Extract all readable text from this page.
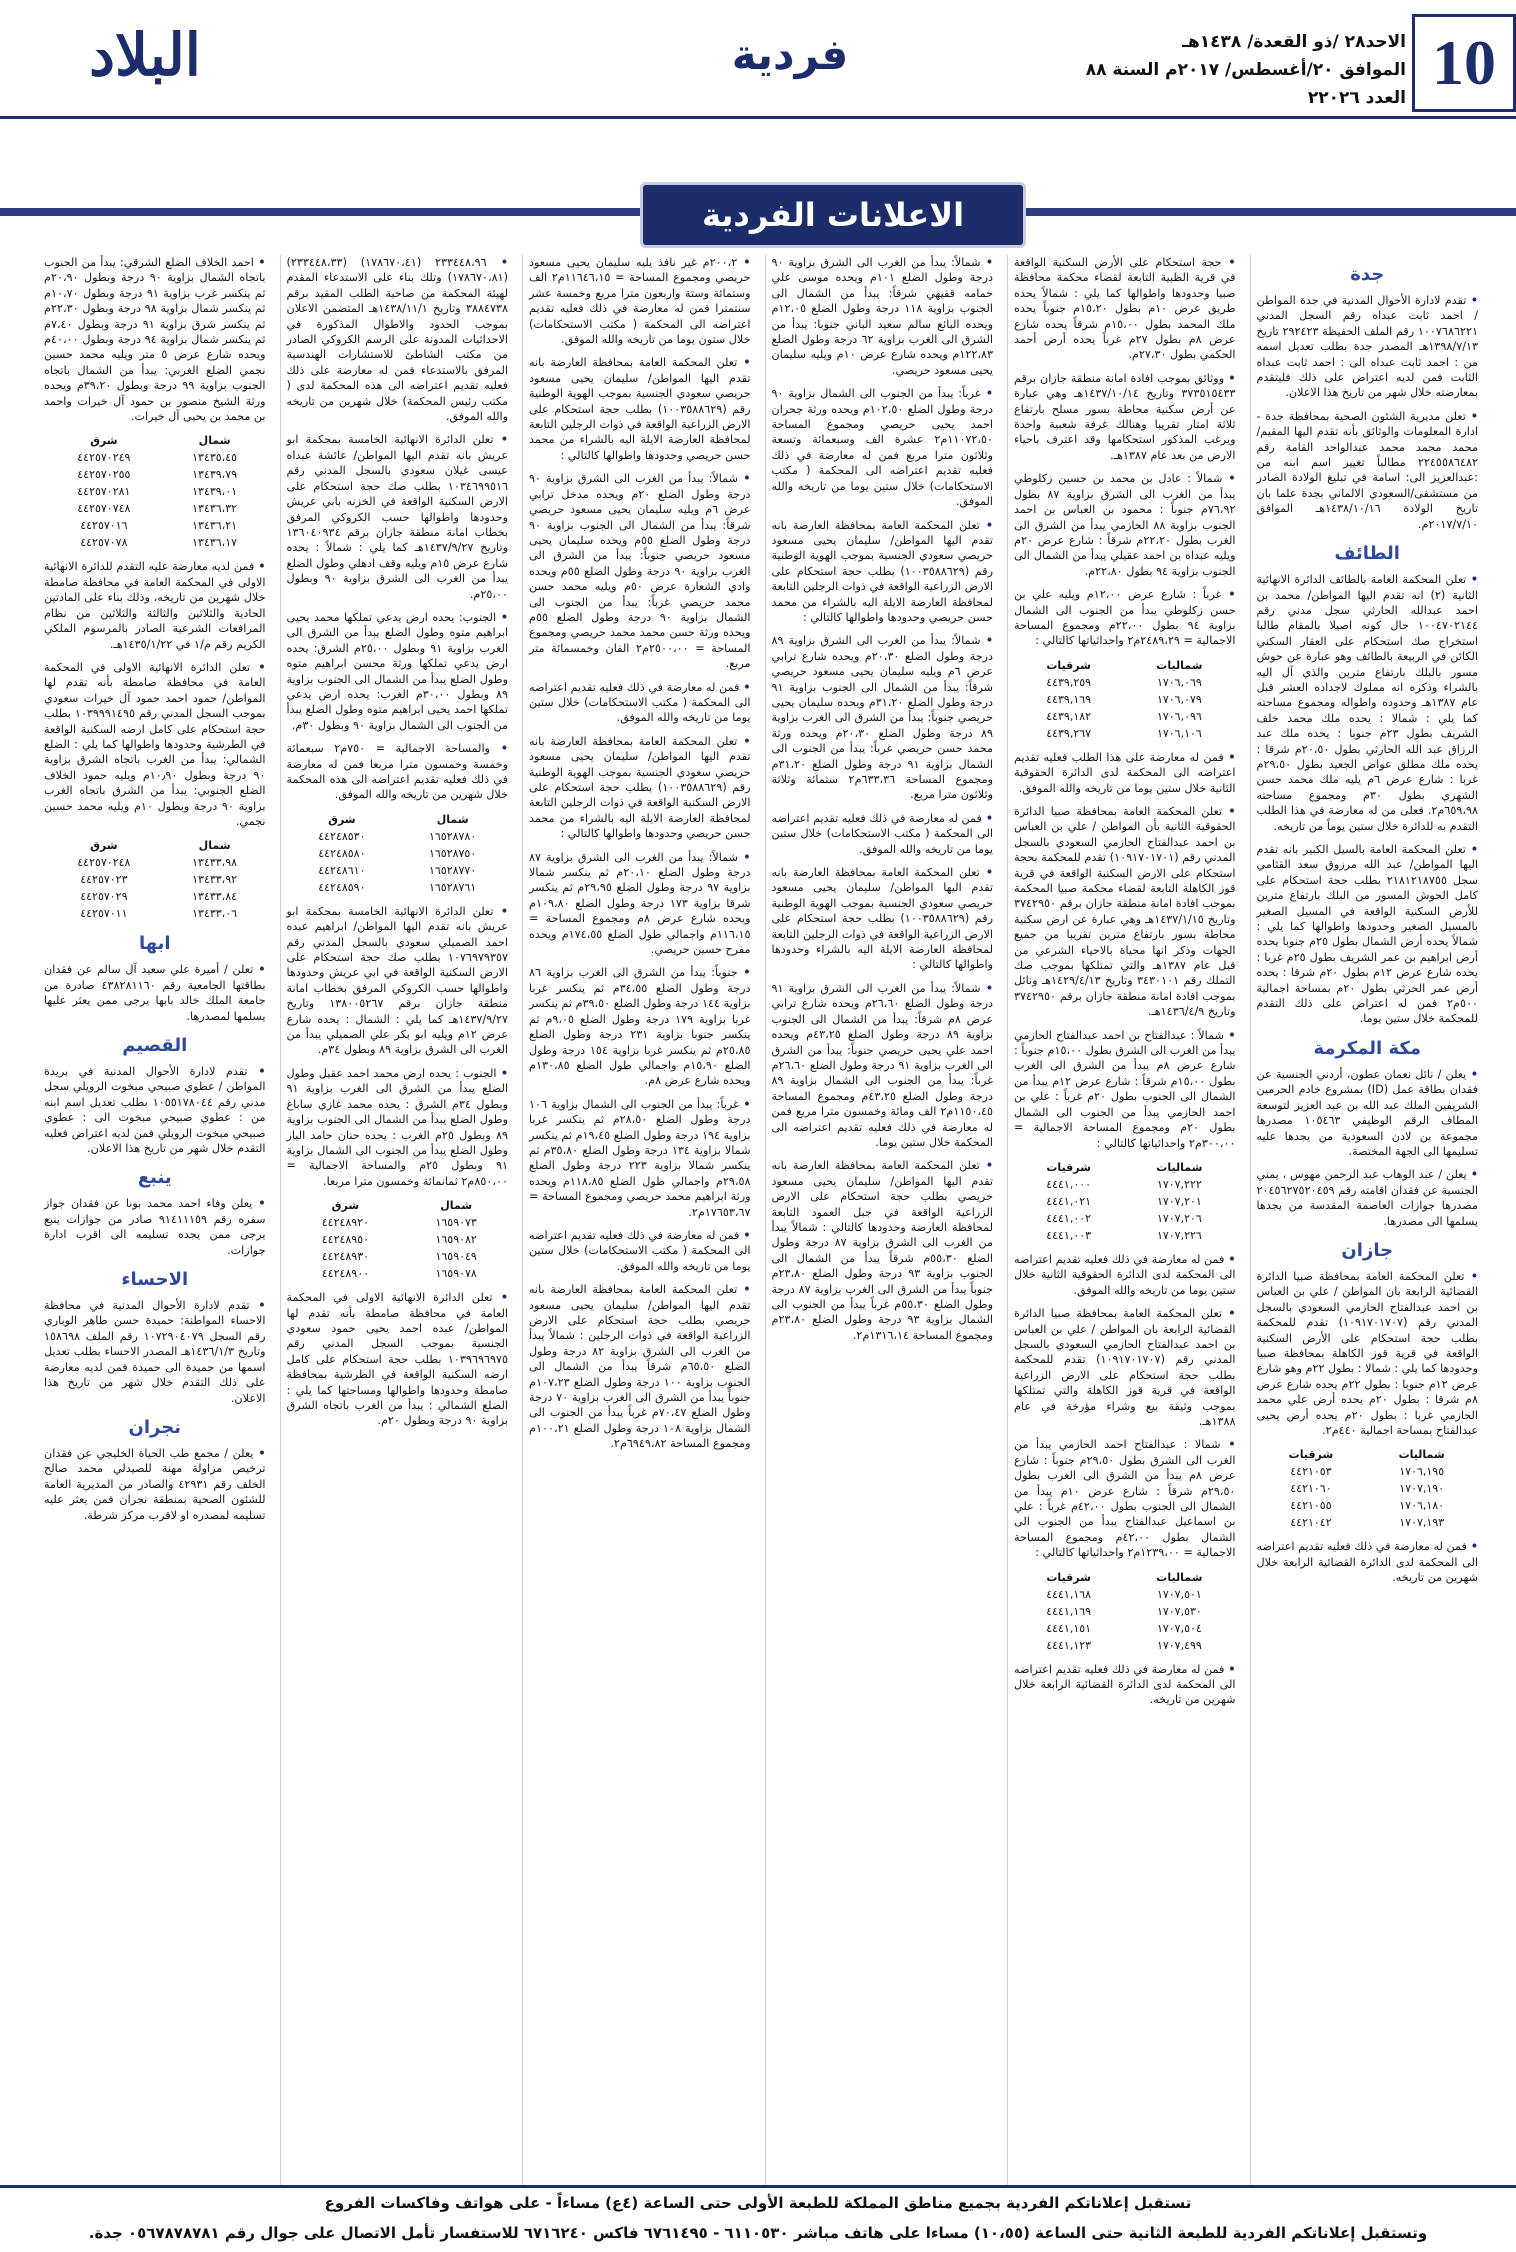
10
الاحد٢٨ /ذو القعدة/ ١٤٣٨هـ
الموافق ٢٠/أغسطس/ ٢٠١٧م السنة ٨٨ العدد ٢٢٠٢٦
فردية
البلاد
الاعلانات الفردية
جدة

• تقدم لادارة الأحوال المدنية في جدة المواطن / احمد ثابت عبداه رقم السجل المدني ١٠٠٧٦٨٦٢٢١ رقم الملف الحفيظة ٢٩٢٤٢٣ تاريخ ١٣٩٨/٧/١٣هـ المصدر جدة بطلب تعديل اسمه من : احمد ثابت عبداه الى : احمد ثابت عبداه الثابت فمن لديه اعتراض على ذلك فليتقدم بمعارضته خلال شهر من تاريخ هذا الاعلان.

• تعلن مديرية الشئون الصحية بمحافظة جدة - ادارة المعلومات والوثائق بأنه تقدم اليها المقيم/ محمد محمد محمد عبدالواحد القامة رقم ٢٢٤٥٥٨٦٤٨٢ مطالباً تغيير اسم ابنه من :عبدالعزيز الى: اسامة في تبليغ الولادة الصادر من مستشفى/السعودي الالماني بجدة علما بان تاريخ الولادة ١٤٣٨/١٠/١٦هـ الموافق ٢٠١٧/٧/١٠م.

الطائف

• تعلن المحكمة العامة بالطائف الدائرة الانهائية الثانية (٢) انه تقدم اليها المواطن/ محمد بن احمد عبدالله الحارثي سجل مدني رقم ١٠٠٤٧٠٢١٤٤ حال كونه اصيلا بالمقام طالبا استخراج صك استحكام على العقار السكني الكائن في الربيعة بالطائف وهو عبارة عن حوش مسور بالبلك بارتفاع مترين والذي آل اليه بالشراء وذكره انه مملوك لاجداده العشر قبل عام ١٣٨٧هـ وحدوده واطواله ومجموع مساحته كما يلي : شمالا : يحده ملك محمد خلف الشريف بطول ٢٣م جنوبا : يحده ملك عبد الرزاق عبد الله الحارثي بطول ٢٠،٥٠م شرقا : يحده ملك مطلق عواض الجعيد بطول ٢٩،٥٠م غربا : شارع عرض ٦م يليه ملك محمد حسن الشهري بطول ٣٠م ومجموع مساحته ٦٥٩،٩٨م٢. فعلى من له معارضة في هذا الطلب التقدم به للدائرة خلال ستين يوماً من تاريخه.

• تعلن المحكمة العامة بالسيل الكبير بانه تقدم اليها المواطن/ عبد الله مرزوق سعد القثامي سجل ٢١٨١٢١٨٧٥٥ بطلب حجة استحكام على كامل الحوش المسور من البلك بارتفاع مترين للأرض السكنية الواقعة في المسيل الصغير بالمسيل الصغير وحدودها واطوالها كما يلي : شمالاً يحده أرض الشمال بطول ٢٥م جنوبا يحده أرض ابراهيم بن عمر الشريف بطول ٢٥م غربا : يحده شارع عرض ١٢م بطول ٢٠م شرقا : يحده أرض عمر الحرثي بطول ٢٠م بمساحة اجمالية ٥٠٠م٢ فمن له اعتراض على ذلك التقدم للمحكمة خلال ستين يوما.

مكة المكرمة

• يعلن / نائل نعمان عطون، أردني الجنسية عن فقدان بطاقة عمل (ID) بمشروع خادم الحرمين الشريفين الملك عبد الله بن عبد العزيز لتوسعة المطاف الرقم الوظيفي ١٠٥٤٦٣ مصدرها مجموعة بن لادن السعودية من يجدها عليه تسليمها الى الجهة المختصة.

• يعلن / عبد الوهاب عبد الرحمن مهوس ، يمني الجنسية عن فقدان اقامته رقم ٢٠٤٥٦٢٧٥٢٠٤٥٩ مصدرها جوازات العاصمة المقدسة من يجدها يسلمها الى مصدرها.

جازان

• تعلن المحكمة العامة بمحافظة صبيا الدائرة القضائية الرابعة بان المواطن / علي بن العباس بن احمد عبدالفتاح الحازمي السعودي بالسجل المدني رقم (١٠٩١٧٠١٧٠٧) تقدم للمحكمة بطلب حجة استحكام على الأرض السكنية الواقعة في قرية قوز الكاهلة بمحافظة صبيا وحدودها كما يلي : شمالا : بطول ٢٢م وهو شارع عرض ١٢م جنوبا : بطول ٢٢م يحده شارع عرض ٨م شرقا : بطول ٢٠م يحده أرض علي محمد الحازمي غربا : بطول ٢٠م يحده أرض يحيى عبدالفتاح بمساحة اجمالية ٤٤٠م٢.

شرقيات	شماليات
٤٤٢١٠٥٣	١٧٠٦,١٩٥
٤٤٢١٠٦٠	١٧٠٧,١٩٠
٤٤٢١٠٥٥	١٧٠٦,١٨٠
٤٤٢١٠٤٢	١٧٠٧,١٩٣

• فمن له معارضة في ذلك فعليه تقديم اعتراضه الى المحكمة لدى الدائرة القضائية الرابعة خلال شهرين من تاريخه.

• حجة استحكام على الأرض السكنية الواقعة في قرية الظبية التابعة لقضاء محكمة محافظة صبيا وحدودها واطوالها كما يلي : شمالاً يحده طريق عرض ١٠م بطول ١٥،٢٠م جنوباً يحده ملك المحمد بطول ١٥،٠٠م شرقاً يحده شارع عرض ٨م بطول ٢٧م غرباً يحده أرض أحمد الحكمي بطول ٢٧،٣٠م.

• ووثائق بموجب افادة امانة منطقة جازان برقم ٣٧٣٥١٥٤٣٣ وتاريخ ١٤٣٧/١٠/١٤هـ وهي عبارة عن أرض سكنية محاطة بسور مسلح بارتفاع ثلاثة امتار تقريبا وهنالك غرفة شعبية واحدة ويرغب المذكور استحكامها وقد اعترف باحياء الارض من بعد عام ١٣٨٧هـ.

• شمالاً : عادل بن محمد بن حسين زكلوطي يبدأ من الغرب الى الشرق بزاوية ٨٧ بطول ٧٦،٩٢م جنوباً : محمود بن العباس بن احمد الجنوب بزاوية ٨٨ الحازمي يبدأ من الشرق الى الغرب بطول ٢٢،٢٠م شرقاً : شارع عرض ٢٠م ويليه عبداه بن احمد عقيلي يبدأ من الشمال الى الجنوب بزاوية ٩٤ بطول ٢٢،٨٠م.

• غرباً : شارع عرض ١٢،٠٠م ويليه علي بن حسن زكلوطي يبدأ من الجنوب الى الشمال بزاوية ٩٤ بطول ٢٢،٠٠م ومجموع المساحة الاجمالية = ٢٤٨٩،٢٩م٢ واحداثياتها كالتالي :

شرقيات	شماليات
٤٤٣٩,٢٥٩	١٧٠٦,٠٦٩
٤٤٣٩,١٦٩	١٧٠٦,٠٧٩
٤٤٣٩,١٨٢	١٧٠٦,٠٩٦
٤٤٣٩,٢٦٧	١٧٠٦,١٠٦

• فمن له معارضة على هذا الطلب فعليه تقديم اعتراضه الى المحكمة لدى الدائرة الحقوقية الثانية خلال ستين يوما من تاريخه والله الموفق.

• تعلن المحكمة العامة بمحافظة صبيا الدائرة الحقوقية الثانية بأن المواطن / علي بن العباس بن احمد عبدالفتاح الحازمي السعودي بالسجل المدني رقم (١٠٩١٧٠١٧٠١) تقدم للمحكمة بحجة استحكام على الارض السكنية الواقعة في قرية قوز الكاهلة التابعة لقضاء محكمة صبيا المحكمة بموجب افادة امانة منطقة جازان برقم ٣٧٤٢٩٥٠ وتاريخ ١٤٣٧/١/١٥هـ وهي عبارة عن ارض سكنية محاطة بسور بارتفاع مترين تقريبا من جميع الجهات وذكر انها محياة بالاحياء الشرعي من قبل عام ١٣٨٧هـ والتي تمتلكها بموجب صك التملك رقم ٣٤٣٠١٠١ وتاريخ ١٤٢٩/٤/١٣هـ ونائل بموجب افادة امانة منطقة جازان برقم ٣٧٤٢٩٥٠ وتاريخ ١٤٣٦/٤/٩هـ.

• شمالاً : عبدالفتاح بن احمد عبدالفتاح الحازمي يبدأ من الغرب الى الشرق بطول ١٥،٠٠م جنوباً : شارع عرض ٨م يبدأ من الشرق الى الغرب بطول ١٥،٠٠م شرقاً : شارع عرض ١٢م يبدأ من الشمال الى الجنوب بطول ٢٠م غرباً : علي بن احمد الحازمي يبدأ من الجنوب الى الشمال بطول ٢٠م ومجموع المساحة الاجمالية = ٣٠٠،٠٠م٢ واحداثياتها كالتالي :

شرقيات	شماليات
٤٤٤١,٠٠٠	١٧٠٧,٢٢٢
٤٤٤١,٠٢١	١٧٠٧,٢٠١
٤٤٤١,٠٠٢	١٧٠٧,٢٠٦
٤٤٤١,٠٠٣	١٧٠٧,٢٢٦

• فمن له معارضة في ذلك فعليه تقديم اعتراضه الى المحكمة لدى الدائرة الحقوقية الثانية خلال ستين يوما من تاريخه والله الموفق.

• تعلن المحكمة العامة بمحافظة صبيا الدائرة القضائية الرابعة بان المواطن / علي بن العباس بن احمد عبدالفتاح الحازمي السعودي بالسجل المدني رقم (١٠٩١٧٠١٧٠٧) تقدم للمحكمة بطلب حجة استحكام على الارض الزراعية الواقعة في قرية قوز الكاهلة والتي تمتلكها بموجب وثيقة بيع وشراء مؤرخة في عام ١٣٨٨هـ.

• شمالا : عبدالفتاح احمد الحازمي يبدأ من الغرب الى الشرق بطول ٢٩،٥٠م جنوباً : شارع عرض ٨م يبدأ من الشرق الى الغرب بطول ٢٩،٥٠م شرقاً : شارع عرض ١٠م يبدأ من الشمال الى الجنوب بطول ٤٢،٠٠م غرباً : علي بن اسماعيل عبدالفتاح يبدأ من الجنوب الى الشمال بطول ٤٢،٠٠م ومجموع المساحة الاجمالية = ١٢٣٩،٠٠م٢ واحداثياتها كالتالي :

شرقيات	شماليات
٤٤٤١,١٦٨	١٧٠٧,٥٠١
٤٤٤١,١٦٩	١٧٠٧,٥٣٠
٤٤٤١,١٥١	١٧٠٧,٥٠٤
٤٤٤١,١٢٣	١٧٠٧,٤٩٩

• فمن له معارضة في ذلك فعليه تقديم اعتراضه الى المحكمة لدى الدائرة القضائية الرابعة خلال شهرين من تاريخه.

• شمالاً: يبدأ من الغرب الى الشرق بزاوية ٩٠ درجة وطول الضلع ١٠١م ويحده موسى علي حمامه قفيهي شرقاً: يبدأ من الشمال الى الجنوب بزاوية ١١٨ درجة وطول الضلع ١٢،٠٥م ويحده البائع سالم سعيد الباني جنوبا: يبدأ من الشرق الى الغرب بزاوية ٦٢ درجة وطول الضلع ١٢٢،٨٣م ويحده شارع عرض ١٠م ويليه سليمان يحيى مسعود حريصي.

• غرباً: يبدأ من الجنوب الى الشمال بزاوية ٩٠ درجة وطول الضلع ١٠٢،٥٠م ويحده ورثة جحران احمد يحيى حريصي ومجموع المساحة ١١٠٧٢،٥٠م٢ عشرة الف وسبعمائة وتسعة وثلاثون مترا مربع فمن له معارضة في ذلك فعليه تقديم اعتراضه الى المحكمة ( مكتب الاستحكامات) خلال ستين يوما من تاريخه والله الموفق.

• تعلن المحكمة العامة بمحافظة العارضة بانه تقدم اليها المواطن/ سليمان يحيى مسعود حريصي سعودي الجنسية بموجب الهوية الوطنية رقم (١٠٠٣٥٨٨٦٢٩) بطلب حجة استحكام على الارض الزراعية الواقعة في ذوات الرجلين التابعة لمحافظة العارضة الايلة اليه بالشراء من محمد حسن حريصي وحدودها واطوالها كالتالي :

• شمالاً: يبدأ من الغرب الى الشرق بزاوية ٨٩ درجة وطول الضلع ٢٠،٣٠م ويحده شارع ترابي عرض ٦م ويليه سليمان يحيى مسعود حريصي شرقاً: يبدأ من الشمال الى الجنوب بزاوية ٩١ درجة وطول الضلع ٣١،٢٠م ويحده سليمان يحيى حريصي جنوباً: يبدأ من الشرق الى الغرب بزاوية ٨٩ درجة وطول الضلع ٢٠،٣٠م ويحده ورثة محمد حسن حريصي غرباً: يبدأ من الجنوب الى الشمال بزاوية ٩١ درجة وطول الضلع ٣١،٢٠م ومجموع المساحة ٦٣٣،٣٦م٢ ستمائة وثلاثة وثلاثون مترا مربع.

• فمن له معارضة في ذلك فعليه تقديم اعتراضه الى المحكمة ( مكتب الاستحكامات) خلال ستين يوما من تاريخه والله الموفق.

• تعلن المحكمة العامة بمحافظة العارضة بانه تقدم اليها المواطن/ سليمان يحيى مسعود حريصي سعودي الجنسية بموجب الهوية الوطنية رقم (١٠٠٣٥٨٨٦٢٩) بطلب حجة استحكام على الارض الزراعية الواقعة في ذوات الرجلين التابعة لمحافظة العارضة الايلة اليه بالشراء وحدودها واطوالها كالتالي :

• شمالاً: يبدأ من الغرب الى الشرق بزاوية ٩١ درجة وطول الضلع ٢٦،٦٠م ويحده شارع ترابي عرض ٨م شرقاً: يبدأ من الشمال الى الجنوب بزاوية ٨٩ درجة وطول الضلع ٤٣،٢٥م ويحده احمد علي يحيى حريصي جنوباً: يبدأ من الشرق الى الغرب بزاوية ٩١ درجة وطول الضلع ٢٦،٦٠م غرباً: يبدأ من الجنوب الى الشمال بزاوية ٨٩ درجة وطول الضلع ٤٣،٢٥م ومجموع المساحة ١١٥٠،٤٥م٢ الف ومائة وخمسون مترا مربع فمن له معارضة في ذلك فعليه تقديم اعتراضه الى المحكمة خلال ستين يوما.

• تعلن المحكمة العامة بمحافظة العارضة بانه تقدم اليها المواطن/ سليمان يحيى مسعود حريصي بطلب حجة استحكام على الارض الزراعية الواقعة في جبل العمود التابعة لمحافظة العارضة وحدودها كالتالي : شمالاً يبدأ من الغرب الى الشرق بزاوية ٨٧ درجة وطول الضلع ٥٥،٣٠م شرقاً يبدأ من الشمال الى الجنوب بزاوية ٩٣ درجة وطول الضلع ٢٣،٨٠م جنوباً يبدأ من الشرق الى الغرب بزاوية ٨٧ درجة وطول الضلع ٥٥،٣٠م غرباً يبدأ من الجنوب الى الشمال بزاوية ٩٣ درجة وطول الضلع ٢٣،٨٠م ومجموع المساحة ١٣١٦،١٤م٢.

• ٢٠٠،٢م غير نافذ يليه سليمان يحيى مسعود حريصي ومجموع المساحة = ١١٦٤٦،١٥م٢ الف وستمائة وستة واربعون مترا مربع وخمسة عشر سنتمترا فمن له معارضة في ذلك فعليه تقديم اعتراضه الى المحكمة ( مكتب الاستحكامات) خلال ستون يوما من تاريخه والله الموفق.

• تعلن المحكمة العامة بمحافظة العارضة بانه تقدم اليها المواطن/ سليمان يحيى مسعود حريصي سعودي الجنسية بموجب الهوية الوطنية رقم (١٠٠٣٥٨٨٦٢٩) بطلب حجة استحكام على الارض الزراعية الواقعة في ذوات الرجلين التابعة لمحافظة العارضة الايلة اليه بالشراء من محمد حسن حريصي وحدودها واطوالها كالتالي :

• شمالاً: يبدأ من الغرب الى الشرق بزاوية ٩٠ درجة وطول الضلع ٢٠م ويحده مدخل ترابي عرض ٦م ويليه سليمان يحيى مسعود حريصي شرقاً: يبدأ من الشمال الى الجنوب بزاوية ٩٠ درجة وطول الضلع ٥٥م ويحده سليمان يحيى مسعود حريصي جنوباً: يبدأ من الشرق الى الغرب بزاوية ٩٠ درجة وطول الضلع ٥٥م ويحده وادي الشعارة عرض ٥٠م ويليه محمد حسن محمد حريصي غرباً: يبدأ من الجنوب الى الشمال بزاوية ٩٠ درجة وطول الضلع ٥٥م ويحده ورثة حسن محمد محمد حريصي ومجموع المساحة = ٢٥٠٠،٠٠م٢ الفان وخمسمائة متر مربع.

• فمن له معارضة في ذلك فعليه تقديم اعتراضه الى المحكمة ( مكتب الاستحكامات) خلال ستين يوما من تاريخه والله الموفق.

• تعلن المحكمة العامة بمحافظة العارضة بانه تقدم اليها المواطن/ سليمان يحيى مسعود حريصي سعودي الجنسية بموجب الهوية الوطنية رقم (١٠٠٣٥٨٨٦٢٩) بطلب حجة استحكام على الارض السكنية الواقعة في ذوات الرجلين التابعة لمحافظة العارضة الايلة اليه بالشراء من محمد حسن حريصي وحدودها واطوالها كالتالي :

• شمالاً: يبدأ من الغرب الى الشرق بزاوية ٨٧ درجة وطول الضلع ٢٠،١٠م ثم ينكسر شمالا بزاوية ٩٧ درجة وطول الضلع ٢٩،٩٥م ثم ينكسر شرقا بزاوية ١٧٣ درجة وطول الضلع ١٠٩،٨٠م ويحده شارع عرض ٨م ومجموع المساحة = ١١٦،١٥م واجمالي طول الضلع ١٧٤،٥٥م ويحده مفرح حسين حريصي.

• جنوباً: يبدأ من الشرق الى الغرب بزاوية ٨٦ درجة وطول الضلع ٣٤،٥٥م ثم ينكسر غربا بزاوية ١٤٤ درجة وطول الضلع ٣٩،٥٠م ثم ينكسر غربا بزاوية ١٧٩ درجة وطول الضلع ٩،٠٥م ثم ينكسر جنوبا بزاوية ٢٣١ درجة وطول الضلع ٢٥،٨٥م ثم ينكسر غربا بزاوية ١٥٤ درجة وطول الضلع ١٥،٩٠م واجمالي طول الضلع ١٣٠،٨٥م ويحده شارع عرض ٨م.

• غرباً: يبدأ من الجنوب الى الشمال بزاوية ١٠٦ درجة وطول الضلع ٢٨،٥٠م ثم ينكسر غربا بزاوية ١٩٤ درجة وطول الضلع ١٩،٤٥م ثم ينكسر شمالا بزاوية ١٣٤ درجة وطول الضلع ٣٥،٨٠م ثم ينكسر شمالا بزاوية ٢٢٣ درجة وطول الضلع ٢٩،٥٨م واجمالي طول الضلع ١١٨،٨٥م ويحده ورثة ابراهيم محمد حريصي ومجموع المساحة = ١٧٦٥٣،٦٧م٢.

• فمن له معارضة في ذلك فعليه تقديم اعتراضه الى المحكمة ( مكتب الاستحكامات) خلال ستين يوما من تاريخه والله الموفق.

• تعلن المحكمة العامة بمحافظة العارضة بانه تقدم اليها المواطن/ سليمان يحيى مسعود حريصي بطلب حجة استحكام على الارض الزراعية الواقعة في ذوات الرجلين : شمالاً يبدأ من الغرب الى الشرق بزاوية ٨٢ درجة وطول الضلع ٦٥،٥٠م شرقاً يبدأ من الشمال الى الجنوب بزاوية ١٠٠ درجة وطول الضلع ١٠٧،٢٣م جنوباً يبدأ من الشرق الى الغرب بزاوية ٧٠ درجة وطول الضلع ٧٠،٤٧م غرباً يبدأ من الجنوب الى الشمال بزاوية ١٠٨ درجة وطول الضلع ١٠٠،٢١م ومجموع المساحة ٦٩٤٩،٨٢م٢.

• ٢٣٣٤٤٨،٩٦ (١٧٨٦٧٠،٤١) (٢٣٣٤٤٨،٣٣) (١٧٨٦٧٠،٨١) وتلك بناء على الاستدعاء المقدم لهيئة المحكمة من صاحبة الطلب المقيد برقم ٣٨٨٤٧٣٨ وتاريخ ١٤٣٨/١١/١هـ المتضمن الاعلان بموجب الحدود والاطوال المذكورة في الاحداثيات المدونة على الرسم الكروكي الصادر من مكتب الشاطئ للاستشارات الهندسية المرفق بالاستدعاء فمن له معارضة على ذلك فعليه تقديم اعتراضه الى هذه المحكمة لدى ( مكتب رئيس المحكمة) خلال شهرين من تاريخه والله الموفق.

• تعلن الدائرة الانهائية الخامسة بمحكمة ابو عريش بانه تقدم اليها المواطن/ عائشة عبداه عيسى غيلان سعودي بالسجل المدني رقم ١٠٣٤٦٩٩٥١٦ بطلب صك حجة استحكام على الارض السكنية الواقعة في الخزنه بابي عريش وحدودها واطوالها حسب الكروكي المرفق بخطاب امانة منطقة جازان برقم ١٣٦٠٤٠٩٣٤ وتاريخ ١٤٣٧/٩/٢٧هـ كما يلي : شمالاً : يحده شارع عرض ١٥م ويليه وقف ادهلي وطول الضلع يبدأ من الغرب الى الشرق بزاوية ٩٠ وبطول ٢٥،٠٠م.

• الجنوب: يحده ارض يدعي تملكها محمد يحيى ابراهيم متوه وطول الضلع يبدأ من الشرق الى الغرب بزاوية ٩١ وبطول ٢٥،٠٠م الشرق: يحده ارض يدعي تملكها ورثة محسن ابراهيم متوه وطول الضلع يبدأ من الشمال الى الجنوب بزاوية ٨٩ وبطول ٣٠،٠٠م الغرب: يحده ارض يدعي تملكها احمد يحيى ابراهيم متوه وطول الضلع يبدأ من الجنوب الى الشمال بزاوية ٩٠ وبطول ٣٠م.

• والمساحة الاجمالية = ٧٥٠م٢ سبعمائة وخمسة وخمسون مترا مربعا فمن له معارضة في ذلك فعليه تقديم اعتراضه الى هذه المحكمة خلال شهرين من تاريخه والله الموفق.

شرق	شمال
٤٤٢٤٨٥٣٠	١٦٥٢٨٧٨٠
٤٤٢٤٨٥٨٠	١٦٥٢٨٧٥٠
٤٤٢٤٨٦١٠	١٦٥٢٨٧٧٠
٤٤٢٤٨٥٩٠	١٦٥٢٨٧٦١

• تعلن الدائرة الانهائية الخامسة بمحكمة ابو عريش بانه تقدم اليها المواطن/ ابراهيم عبده احمد الصميلي سعودي بالسجل المدني رقم ١٠٧٦٩٧٩٣٥٧ بطلب صك حجة استحكام على الارض السكنية الواقعة في ابي عريش وحدودها واطوالها حسب الكروكي المرفق بخطاب امانة منطقة جازان برقم ١٣٨٠٠٥٢٦٧ وتاريخ ١٤٣٧/٩/٢٧هـ كما يلي : الشمال : يحده شارع عرض ١٢م ويليه ابو بكر علي الصميلي يبدأ من الغرب الى الشرق بزاوية ٨٩ وبطول ٣٤م.

• الجنوب : يحده ارض محمد احمد عقيل وطول الضلع يبدأ من الشرق الى الغرب بزاوية ٩١ وبطول ٣٤م الشرق : يحده محمد غازي ساباغ وطول الضلع يبدأ من الشمال الى الجنوب بزاوية ٨٩ وبطول ٢٥م الغرب : يحده حنان حامد البار وطول الضلع يبدأ من الجنوب الى الشمال بزاوية ٩١ وبطول ٢٥م والمساحة الاجمالية = ٨٥٠،٠٠م٢ ثمانمائة وخمسون مترا مربعا.

شرق	شمال
٤٤٢٤٨٩٢٠	١٦٥٩٠٧٣
٤٤٢٤٨٩٥٠	١٦٥٩٠٨٢
٤٤٢٤٨٩٣٠	١٦٥٩٠٤٩
٤٤٢٤٨٩٠٠	١٦٥٩٠٧٨

• تعلن الدائرة الانهائية الاولى في المحكمة العامة في محافظة صامطة بأنه تقدم لها المواطن/ عبده احمد يحيى حمود سعودي الجنسية بموجب السجل المدني رقم ١٠٣٩٦٩٦٩٧٥ بطلب حجة استحكام على كامل ارضه السكنية الواقعة في الطرشية بمحافظة صامطة وحدودها واطوالها ومساحتها كما يلي : الضلع الشمالي : يبدأ من الغرب باتجاه الشرق بزاوية ٩٠ درجة وبطول ٢٠م.

• احمد الخلاف الضلع الشرقي: يبدأ من الجنوب باتجاه الشمال بزاوية ٩٠ درجة وبطول ٢٠،٩٠م ثم ينكسر غرب بزاوية ٩١ درجة وبطول ١٠،٧٠م ثم ينكسر شمال بزاوية ٩٨ درجة وبطول ٢٢،٣٠م ثم ينكسر شرق بزاوية ٩١ درجة وبطول ٧،٤٠م ثم ينكسر شمال بزاوية ٩٤ درجة وبطول ٤٠،٠٠م ويحده شارع عرض ٥ متر ويليه محمد حسين نجمي الضلع الغربي: يبدأ من الشمال باتجاه الجنوب بزاوية ٩٩ درجة وبطول ٣٩،٢٠م ويحده ورثة الشيخ منصور بن حمود آل خيرات واحمد بن محمد بن يحيى آل خيرات.

شرق	شمال
٤٤٢٥٧٠٢٤٩	١٣٤٣٥،٤٥
٤٤٢٥٧٠٢٥٥	١٣٤٣٩،٧٩
٤٤٢٥٧٠٢٨١	١٣٤٣٩،٠١
٤٤٢٥٧٠٧٤٨	١٣٤٣٦،٣٢
٤٤٢٥٧٠١٦	١٣٤٣٦،٢١
٤٤٢٥٧٠٧٨	١٣٤٣٦،١٧

• فمن لديه معارضة عليه التقدم للدائرة الانهائية الاولى في المحكمة العامة في محافظة صامطة خلال شهرين من تاريخه، وذلك بناء على المادتين الحادية والثلاثين والثالثة والثلاثين من نظام المرافعات الشرعية الصادر بالمرسوم الملكي الكريم رقم م/١ في ١٤٣٥/١/٢٢هـ.

• تعلن الدائرة الانهائية الاولى في المحكمة العامة في محافظة صامطة بأنه تقدم لها المواطن/ حمود احمد حمود آل خيرات سعودي بموجب السجل المدني رقم ١٠٣٩٩٩١٤٩٥ بطلب حجة استحكام على كامل ارضه السكنية الواقعة في الطرشية وحدودها واطوالها كما يلي : الضلع الشمالي: يبدأ من الغرب باتجاه الشرق بزاوية ٩٠ درجة وبطول ١٠٫٩٠م ويليه حمود الخلاف الضلع الجنوبي: يبدأ من الشرق باتجاه الغرب بزاوية ٩٠ درجة وبطول ١٠م ويليه محمد حسين نجمي.

شرق	شمال
٤٤٢٥٧٠٢٤٨	١٣٤٣٣،٩٨
٤٤٢٥٧٠٢٣	١٣٤٣٣،٩٢
٤٤٢٥٧٠٢٩	١٣٤٣٣،٨٤
٤٤٢٥٧٠١١	١٣٤٣٣،٠٦
ابها

• تعلن / أميرة علي سعيد آل سالم عن فقدان بطاقتها الجامعية رقم ٤٣٨٢٨١١٦٠ صادرة من جامعة الملك خالد بابها يرجى ممن يعثر عليها يسلمها لمصدرها.

القصيم

• تقدم لادارة الأحوال المدنية في بريدة المواطن / عطوي صبيحي مبخوت الرويلي سجل مدني رقم ١٠٥٥١٧٨٠٤٤ بطلب تعديل اسم ابنه من : عطوي صبيحي مبخوت الى : عطوي صبيحي مبخوت الرويلي فمن لديه اعتراض فعليه التقدم خلال شهر من تاريخ هذا الاعلان.

ينبع

• يعلن وفاء احمد محمد بونا عن فقدان جواز سفره رقم ٩١٤١١١٥٩ صادر من جوازات ينبع يرجى ممن يجده تسليمه الى اقرب ادارة جوازات.

الاحساء

• تقدم لادارة الأحوال المدنية في محافظة الاحساء المواطنة: حميدة حسن طاهر الوباري رقم السجل ١٠٧٢٩٠٤٠٧٩ رقم الملف ١٥٨٦٩٨ وتاريخ ١٤٣٦/١/٣هـ المصدر الاحساء بطلب تعديل اسمها من حميدة الى حميدة فمن لديه معارضة على ذلك التقدم خلال شهر من تاريخ هذا الاعلان.

نجران

• يعلن / مجمع طب الحياة الخليجي عن فقدان ترخيص مزاولة مهنة للصيدلي محمد صالح الخلف رقم ٤٢٩٣١ والصادر من المديرية العامة للشئون الصحية بمنطقة نجران فمن يعثر عليه تسليمه لمصدره او لاقرب مركز شرطة.

تستقبل إعلاناتكم الفردية بجميع مناطق المملكة للطبعة الأولى حتى الساعة (٤ع) مساءاً - على هواتف وفاكسات الفروع
وتستقبل إعلاناتكم الفردية للطبعة الثانية حتى الساعة (١٠،٥٥) مساءا على هاتف مباشر ٦١١٠٥٣٠ - ٦٧٦١٤٩٥ فاكس ٦٧١٦٢٤٠ للاستفسار تأمل الاتصال على جوال رقم ٠٥٦٧٨٧٨٧٨١ جدة.
